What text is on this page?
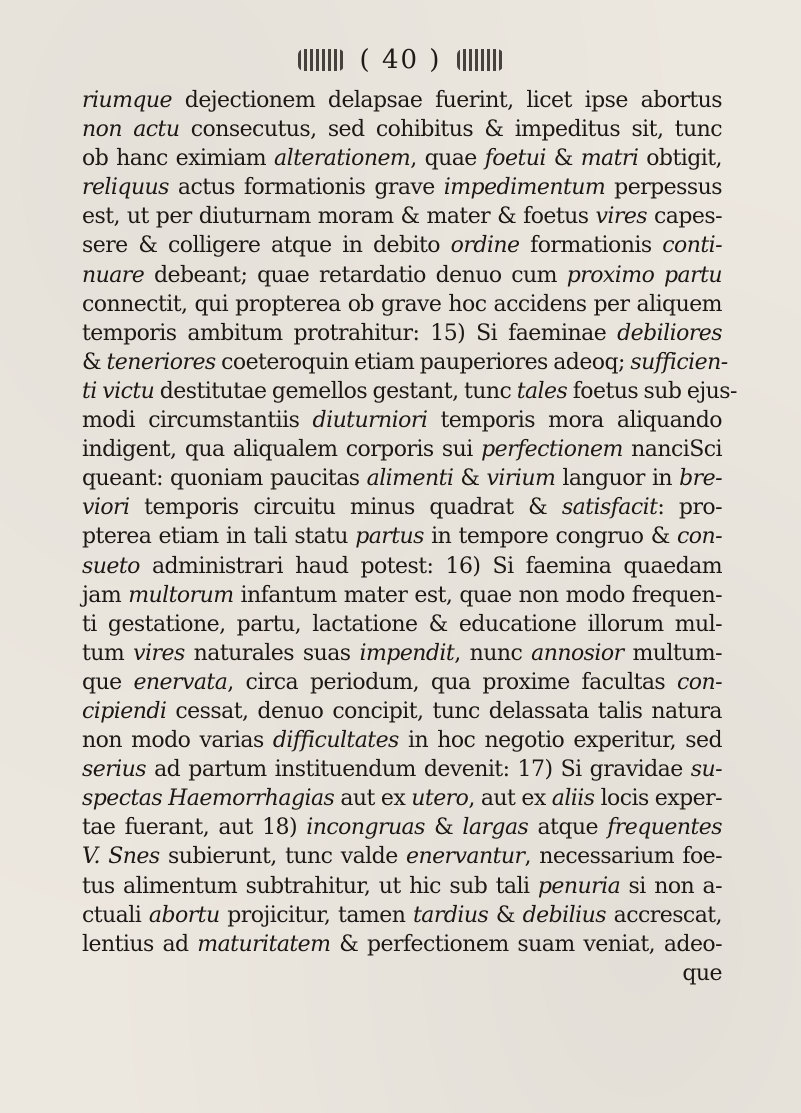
( 40 )
riumque dejectionem delapsae fuerint, licet ipse abortus
non actu consecutus, sed cohibitus & impeditus sit, tunc
ob hanc eximiam alterationem, quae foetui & matri obtigit,
reliquus actus formationis grave impedimentum perpessus
est, ut per diuturnam moram & mater & foetus vires capes-
sere & colligere atque in debito ordine formationis conti-
nuare debeant; quae retardatio denuo cum proximo partu
connectit, qui propterea ob grave hoc accidens per aliquem
temporis ambitum protrahitur: 15) Si faeminae debiliores
& teneriores coeteroquin etiam pauperiores adeoq; sufficien-
ti victu destitutae gemellos gestant, tunc tales foetus sub ejus-
modi circumstantiis diuturniori temporis mora aliquando
indigent, qua aliqualem corporis sui perfectionem nanciSci
queant: quoniam paucitas alimenti & virium languor in bre-
viori temporis circuitu minus quadrat & satisfacit: pro-
pterea etiam in tali statu partus in tempore congruo & con-
sueto administrari haud potest: 16) Si faemina quaedam
jam multorum infantum mater est, quae non modo frequen-
ti gestatione, partu, lactatione & educatione illorum mul-
tum vires naturales suas impendit, nunc annosior multum-
que enervata, circa periodum, qua proxime facultas con-
cipiendi cessat, denuo concipit, tunc delassata talis natura
non modo varias difficultates in hoc negotio experitur, sed
serius ad partum instituendum devenit: 17) Si gravidae su-
spectas Haemorrhagias aut ex utero, aut ex aliis locis exper-
tae fuerant, aut 18) incongruas & largas atque frequentes
V. Snes subierunt, tunc valde enervantur, necessarium foe-
tus alimentum subtrahitur, ut hic sub tali penuria si non a-
ctuali abortu projicitur, tamen tardius & debilius accrescat,
lentius ad maturitatem & perfectionem suam veniat, adeo-
que
